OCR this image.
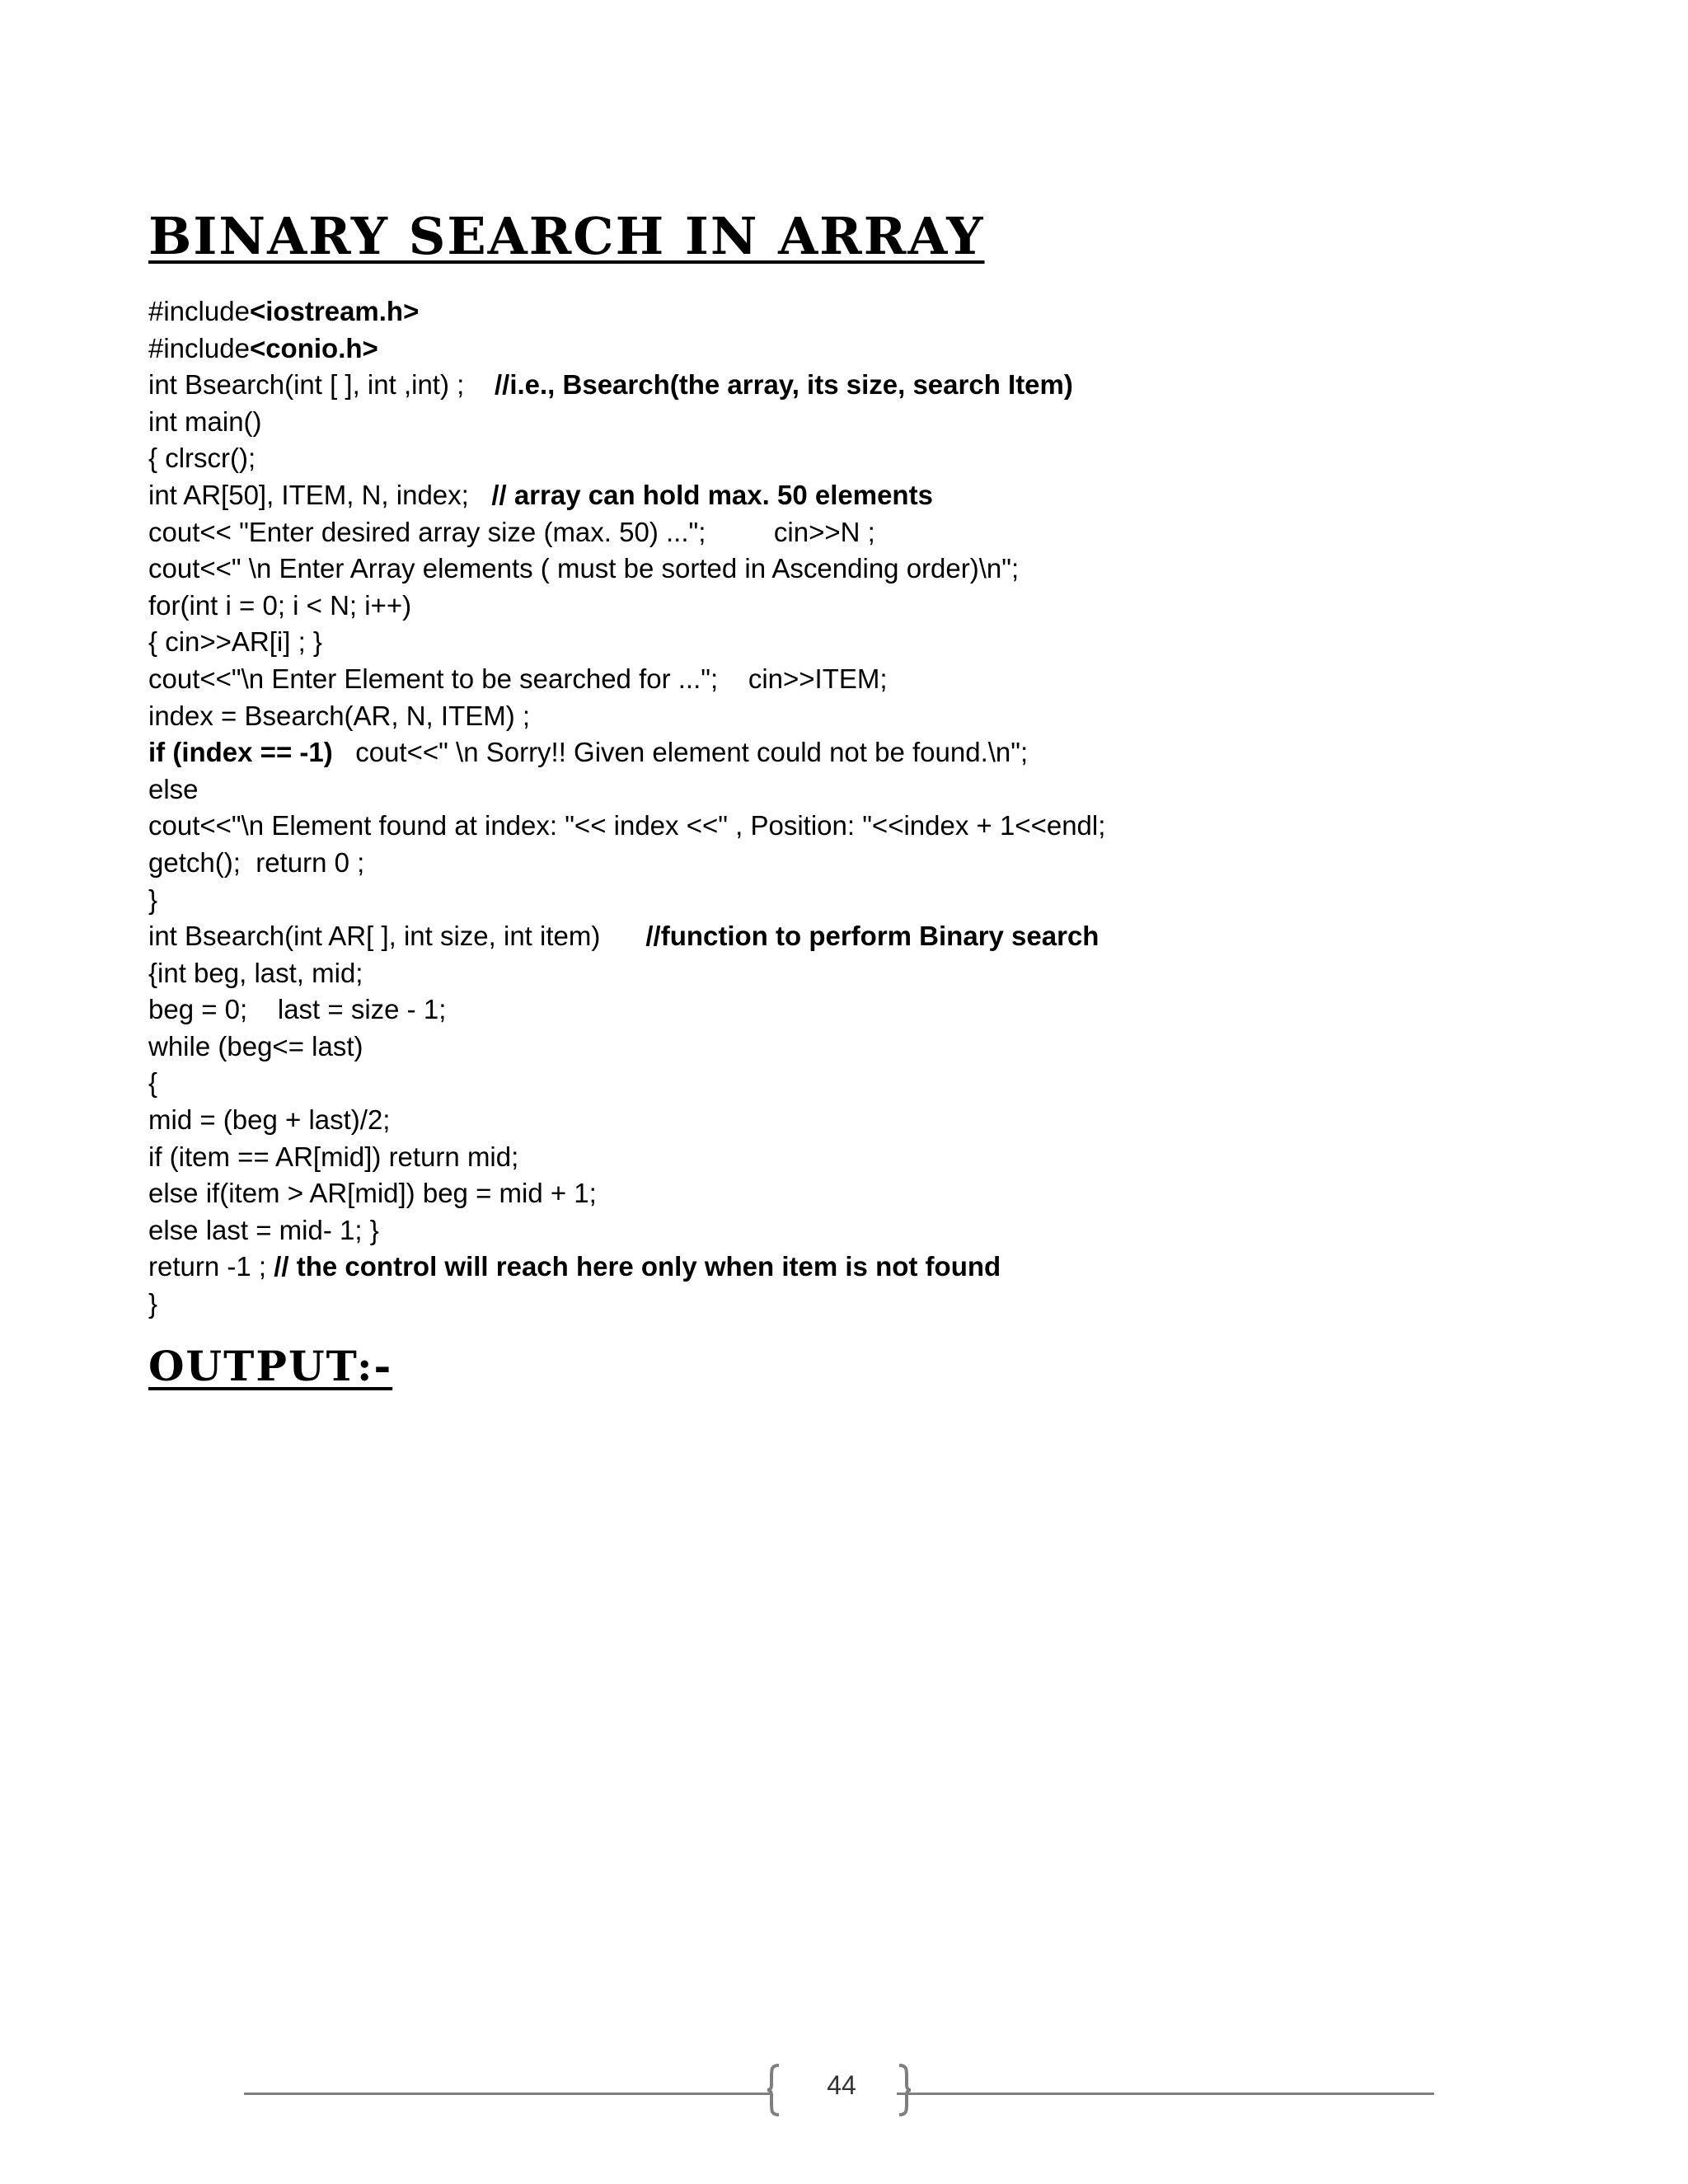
BINARY SEARCH IN ARRAY
#include<iostream.h>
#include<conio.h>
int Bsearch(int [ ], int ,int) ;    //i.e., Bsearch(the array, its size, search Item)
int main()
{ clrscr();
int AR[50], ITEM, N, index;   // array can hold max. 50 elements
cout<< "Enter desired array size (max. 50) ...";         cin>>N ;
cout<<" \n Enter Array elements ( must be sorted in Ascending order)\n";
for(int i = 0; i < N; i++)
{ cin>>AR[i] ; }
cout<<"\n Enter Element to be searched for ...";    cin>>ITEM;
index = Bsearch(AR, N, ITEM) ;
if (index == -1)   cout<<" \n Sorry!! Given element could not be found.\n";
else
cout<<"\n Element found at index: "<< index <<" , Position: "<<index + 1<<endl;
getch();  return 0 ;
}
int Bsearch(int AR[ ], int size, int item)      //function to perform Binary search
{int beg, last, mid;
beg = 0;    last = size - 1;
while (beg<= last)
{
mid = (beg + last)/2;
if (item == AR[mid]) return mid;
else if(item > AR[mid]) beg = mid + 1;
else last = mid- 1; }
return -1 ; // the control will reach here only when item is not found
}
OUTPUT:-
44
